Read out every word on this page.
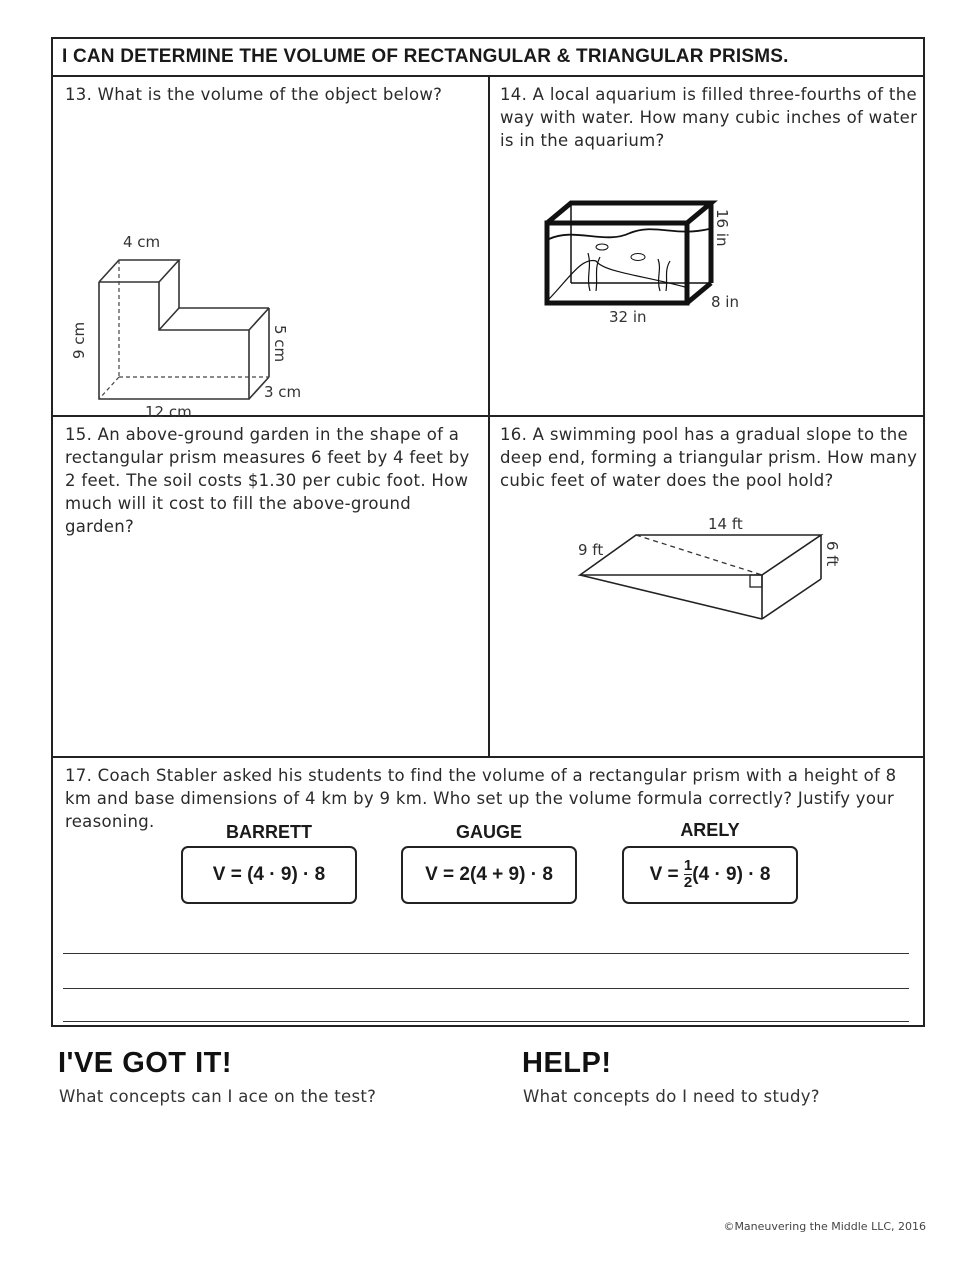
I CAN DETERMINE THE VOLUME OF RECTANGULAR & TRIANGULAR PRISMS.

13. What is the volume of the object below?

4 cm
9 cm	5 cm
3 cm
12 cm

14. A local aquarium is filled three-fourths of the way with water. How many cubic inches of water is in the aquarium?

16 in
8 in
32 in

15. An above-ground garden in the shape of a rectangular prism measures 6 feet by 4 feet by 2 feet. The soil costs $1.30 per cubic foot. How much will it cost to fill the above-ground garden?

16. A swimming pool has a gradual slope to the deep end, forming a triangular prism. How many cubic feet of water does the pool hold?

14 ft
9 ft	6 ft

17. Coach Stabler asked his students to find the volume of a rectangular prism with a height of 8 km and base dimensions of 4 km by 9 km. Who set up the volume formula correctly? Justify your reasoning.

BARRETT
V = (4 · 9) · 8
GAUGE
V = 2(4 + 9) · 8
ARELY
$V = \frac{1}{2} (4 \cdot 9) \cdot 8$
I'VE GOT IT!
What concepts can I ace on the test?
HELP!
What concepts do I need to study?
©Maneuvering the Middle LLC, 2016
